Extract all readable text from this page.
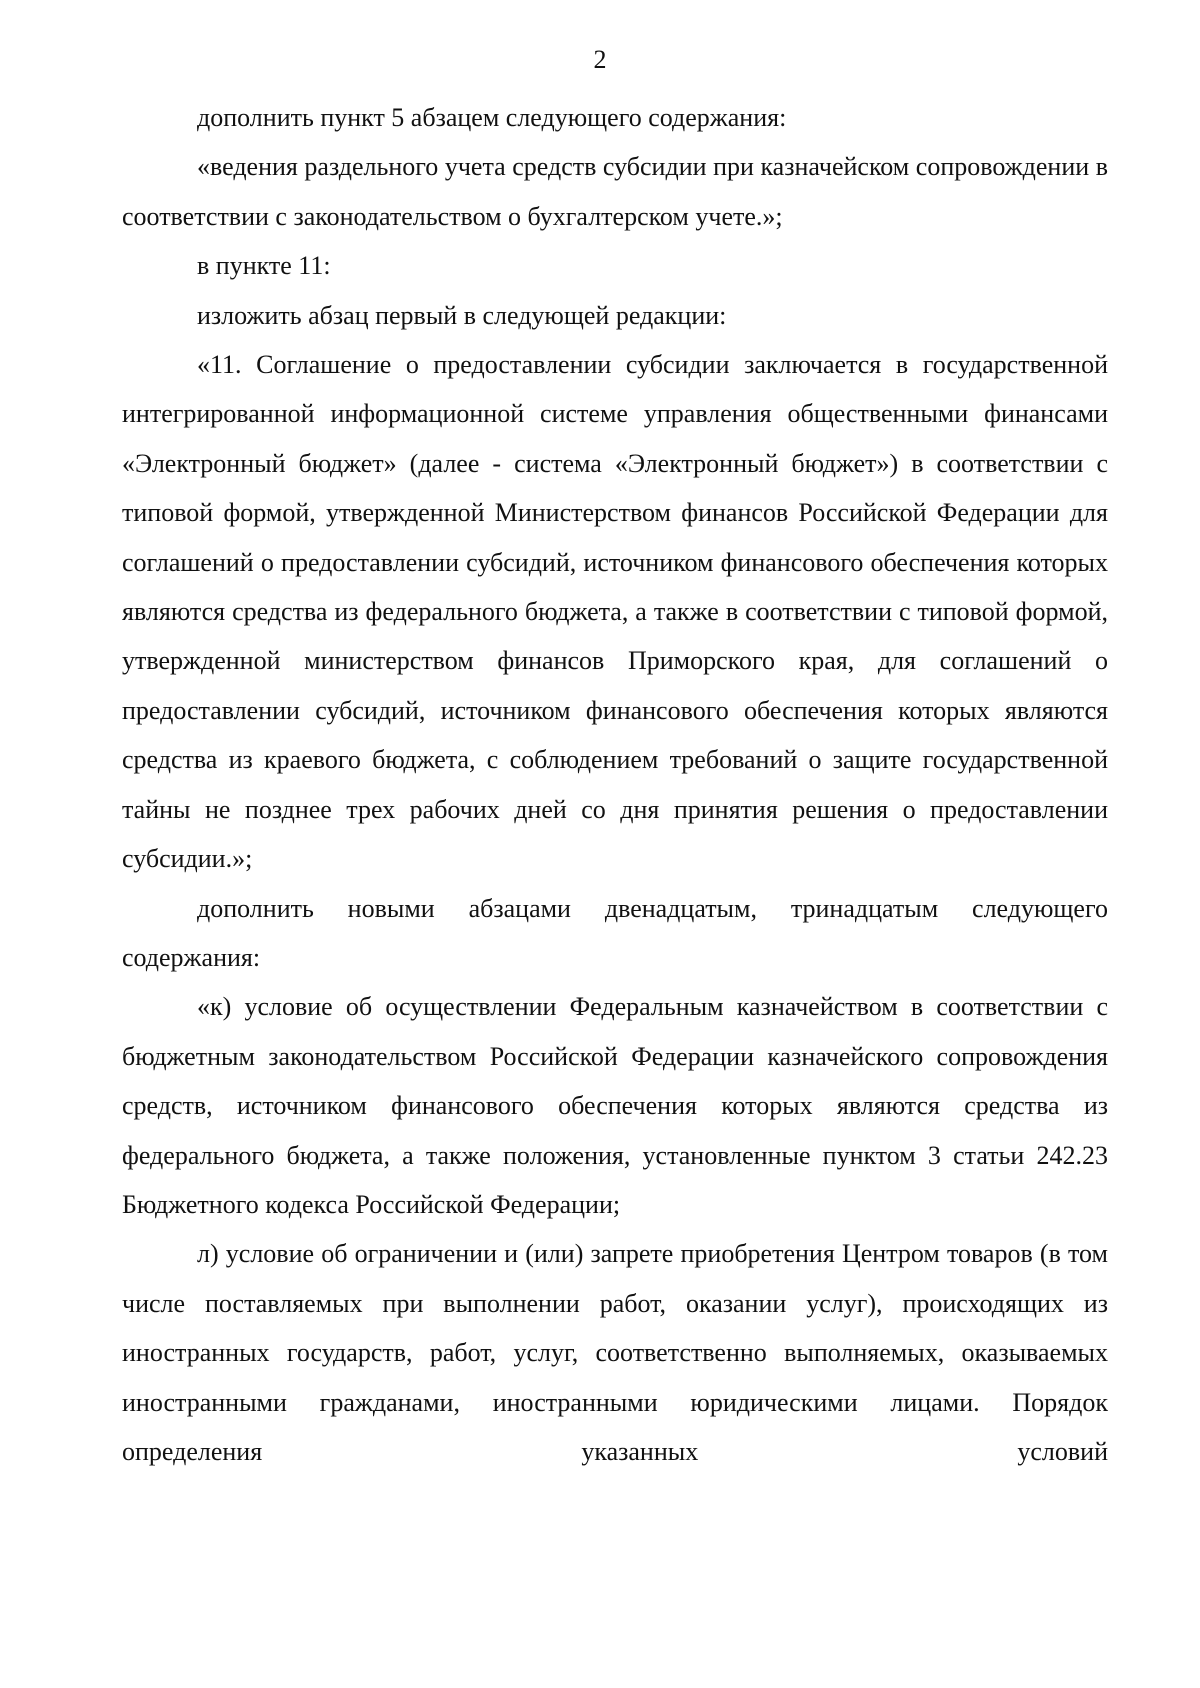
2

дополнить пункт 5 абзацем следующего содержания:

«ведения раздельного учета средств субсидии при казначейском сопровождении в соответствии с законодательством о бухгалтерском учете.»;

в пункте 11:

изложить абзац первый в следующей редакции:

«11. Соглашение о предоставлении субсидии заключается в государственной интегрированной информационной системе управления общественными финансами «Электронный бюджет» (далее - система «Электронный бюджет») в соответствии с типовой формой, утвержденной Министерством финансов Российской Федерации для соглашений о предоставлении субсидий, источником финансового обеспечения которых являются средства из федерального бюджета, а также в соответствии с типовой формой, утвержденной министерством финансов Приморского края, для соглашений о предоставлении субсидий, источником финансового обеспечения которых являются средства из краевого бюджета, с соблюдением требований о защите государственной тайны не позднее трех рабочих дней со дня принятия решения о предоставлении субсидии.»;

дополнить новыми абзацами двенадцатым, тринадцатым следующего содержания:

«к) условие об осуществлении Федеральным казначейством в соответствии с бюджетным законодательством Российской Федерации казначейского сопровождения средств, источником финансового обеспечения которых являются средства из федерального бюджета, а также положения, установленные пунктом 3 статьи 242.23 Бюджетного кодекса Российской Федерации;

л) условие об ограничении и (или) запрете приобретения Центром товаров (в том числе поставляемых при выполнении работ, оказании услуг), происходящих из иностранных государств, работ, услуг, соответственно выполняемых, оказываемых иностранными гражданами, иностранными юридическими лицами. Порядок определения указанных условий
